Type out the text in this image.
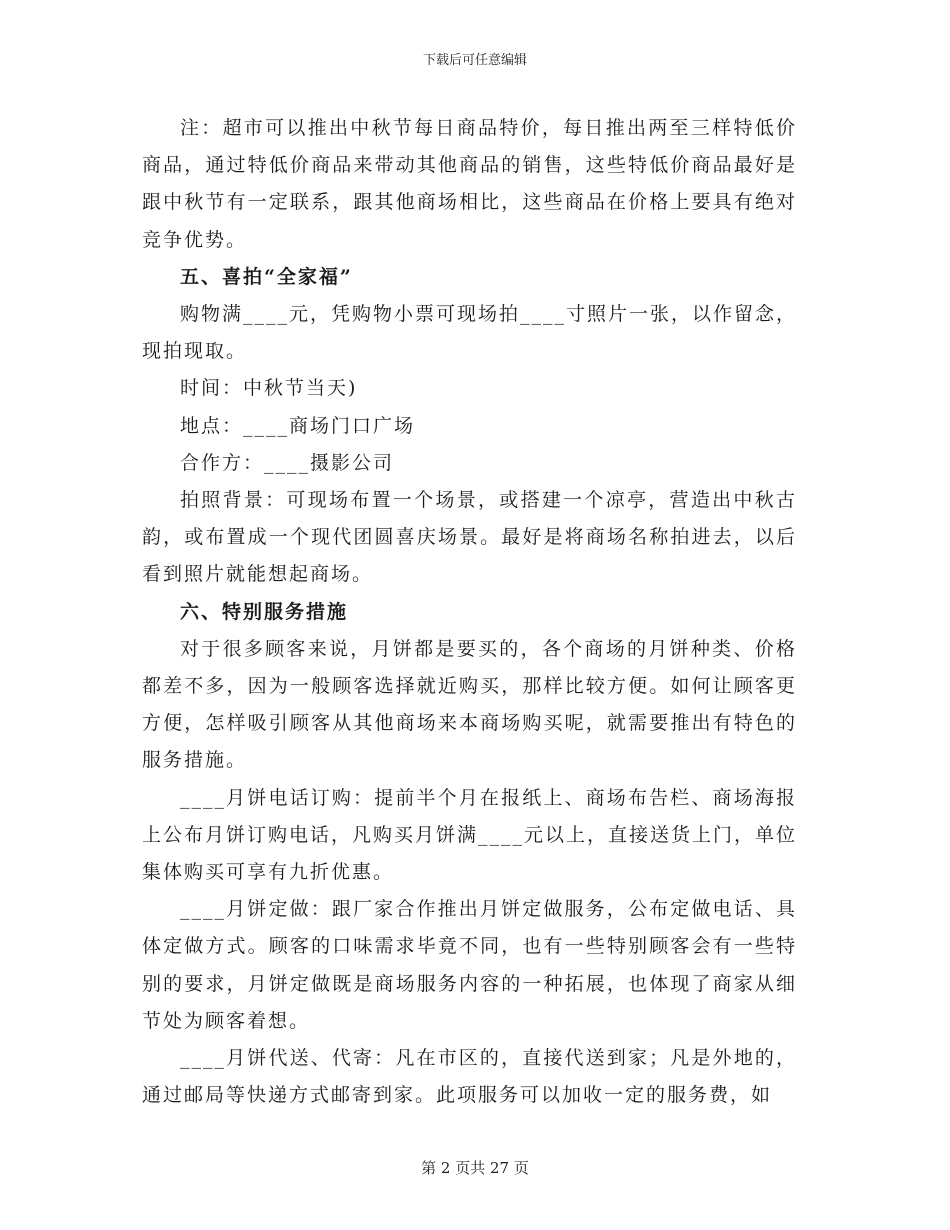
下载后可任意编辑

注：超市可以推出中秋节每日商品特价，每日推出两至三样特低价商品，通过特低价商品来带动其他商品的销售，这些特低价商品最好是跟中秋节有一定联系，跟其他商场相比，这些商品在价格上要具有绝对竞争优势。

五、喜拍“全家福”

购物满____元，凭购物小票可现场拍____寸照片一张，以作留念，现拍现取。

时间：中秋节当天)

地点：____商场门口广场

合作方：____摄影公司

拍照背景：可现场布置一个场景，或搭建一个凉亭，营造出中秋古韵，或布置成一个现代团圆喜庆场景。最好是将商场名称拍进去，以后看到照片就能想起商场。

六、特别服务措施

对于很多顾客来说，月饼都是要买的，各个商场的月饼种类、价格都差不多，因为一般顾客选择就近购买，那样比较方便。如何让顾客更方便，怎样吸引顾客从其他商场来本商场购买呢，就需要推出有特色的服务措施。

____月饼电话订购：提前半个月在报纸上、商场布告栏、商场海报上公布月饼订购电话，凡购买月饼满____元以上，直接送货上门，单位集体购买可享有九折优惠。

____月饼定做：跟厂家合作推出月饼定做服务，公布定做电话、具体定做方式。顾客的口味需求毕竟不同，也有一些特别顾客会有一些特别的要求，月饼定做既是商场服务内容的一种拓展，也体现了商家从细节处为顾客着想。

____月饼代送、代寄：凡在市区的，直接代送到家；凡是外地的，通过邮局等快递方式邮寄到家。此项服务可以加收一定的服务费，如

第 2 页共 27 页
